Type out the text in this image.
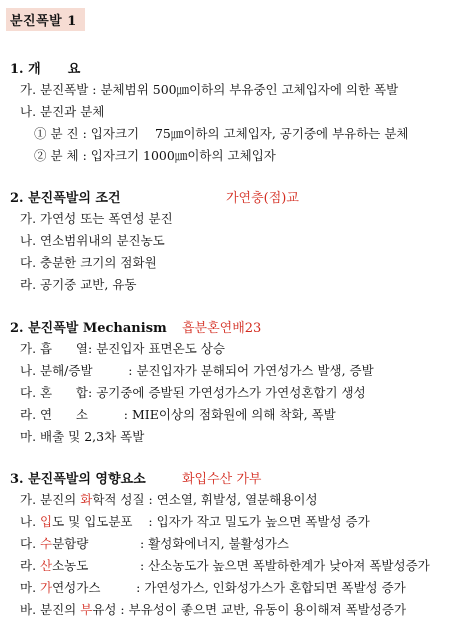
분진폭발 1
1. 개      요
가. 분진폭발 : 분체범위 500㎛이하의 부유중인 고체입자에 의한 폭발
나. 분진과 분체
① 분 진 : 입자크기    75㎛이하의 고체입자, 공기중에 부유하는 분체
② 분 체 : 입자크기 1000㎛이하의 고체입자
2. 분진폭발의 조건	가연충(점)교
가. 가연성 또는 폭연성 분진
나. 연소범위내의 분진농도
다. 충분한 크기의 점화원
라. 공기중 교반, 유동
2. 분진폭발 Mechanism 흡분혼연배23
가. 흡      열: 분진입자 표면온도 상승
나. 분해/증발         : 분진입자가 분해되어 가연성가스 발생, 증발
다. 혼      합: 공기중에 증발된 가연성가스가 가연성혼합기 생성
라. 연      소         : MIE이상의 점화원에 의해 착화, 폭발
마. 배출 및 2,3차 폭발
3. 분진폭발의 영향요소	화입수산 가부
가. 분진의 화학적 성질 : 연소열, 휘발성, 열분해용이성
나. 입도 및 입도분포    : 입자가 작고 밀도가 높으면 폭발성 증가
다. 수분함량             : 활성화에너지, 불활성가스
라. 산소농도             : 산소농도가 높으면 폭발하한계가 낮아져 폭발성증가
마. 가연성가스         : 가연성가스, 인화성가스가 혼합되면 폭발성 증가
바. 분진의 부유성 : 부유성이 좋으면 교반, 유동이 용이해져 폭발성증가
